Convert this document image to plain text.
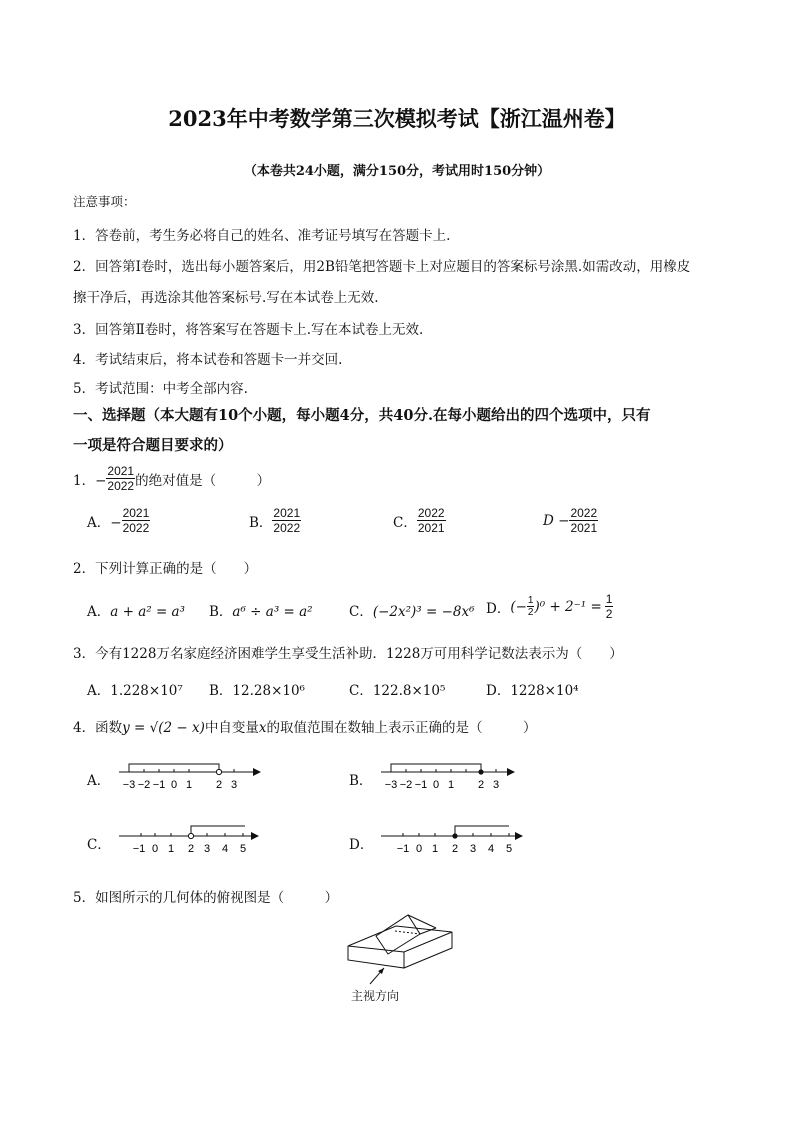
2023年中考数学第三次模拟考试【浙江温州卷】
（本卷共24小题，满分150分，考试用时150分钟）
注意事项：
1．答卷前，考生务必将自己的姓名、准考证号填写在答题卡上.
2．回答第Ⅰ卷时，选出每小题答案后，用2B铅笔把答题卡上对应题目的答案标号涂黑.如需改动，用橡皮
擦干净后，再选涂其他答案标号.写在本试卷上无效.
3．回答第Ⅱ卷时，将答案写在答题卡上.写在本试卷上无效.
4．考试结束后，将本试卷和答题卡一并交回.
5．考试范围：中考全部内容.
一、选择题（本大题有10个小题，每小题4分，共40分.在每小题给出的四个选项中，只有
一项是符合题目要求的）
1．− $\frac{2021}{2022}$ 的绝对值是（　　　）
A．− $\frac{2021}{2022}$	B． $\frac{2021}{2022}$	C． $\frac{2022}{2021}$	$D - \frac{2022}{2021}$
2．下列计算正确的是（　　）
A．a + a² = a³ B．a⁶ ÷ a³ = a²	C．(−2x²)³ = −8x⁶ D． (− $\frac{1}{2} )^0 + 2^{-1} = \frac{1}{2}$
3．今有1228万名家庭经济困难学生享受生活补助．1228万可用科学记数法表示为（　　）
A．1.228×10⁷ B．12.28×10⁶	C．122.8×10⁵	D．1228×10⁴
4．函数y = √(2 − x)中自变量x的取值范围在数轴上表示正确的是（　　　）
A．	B．
C．	D．
−3 −2 −1 0 1 2 3	−3 −2 −1 0 1 2 3
−1 0 1 2 3 4 5	−1 0 1 2 3 4 5
5．如图所示的几何体的俯视图是（　　　）
主视方向
